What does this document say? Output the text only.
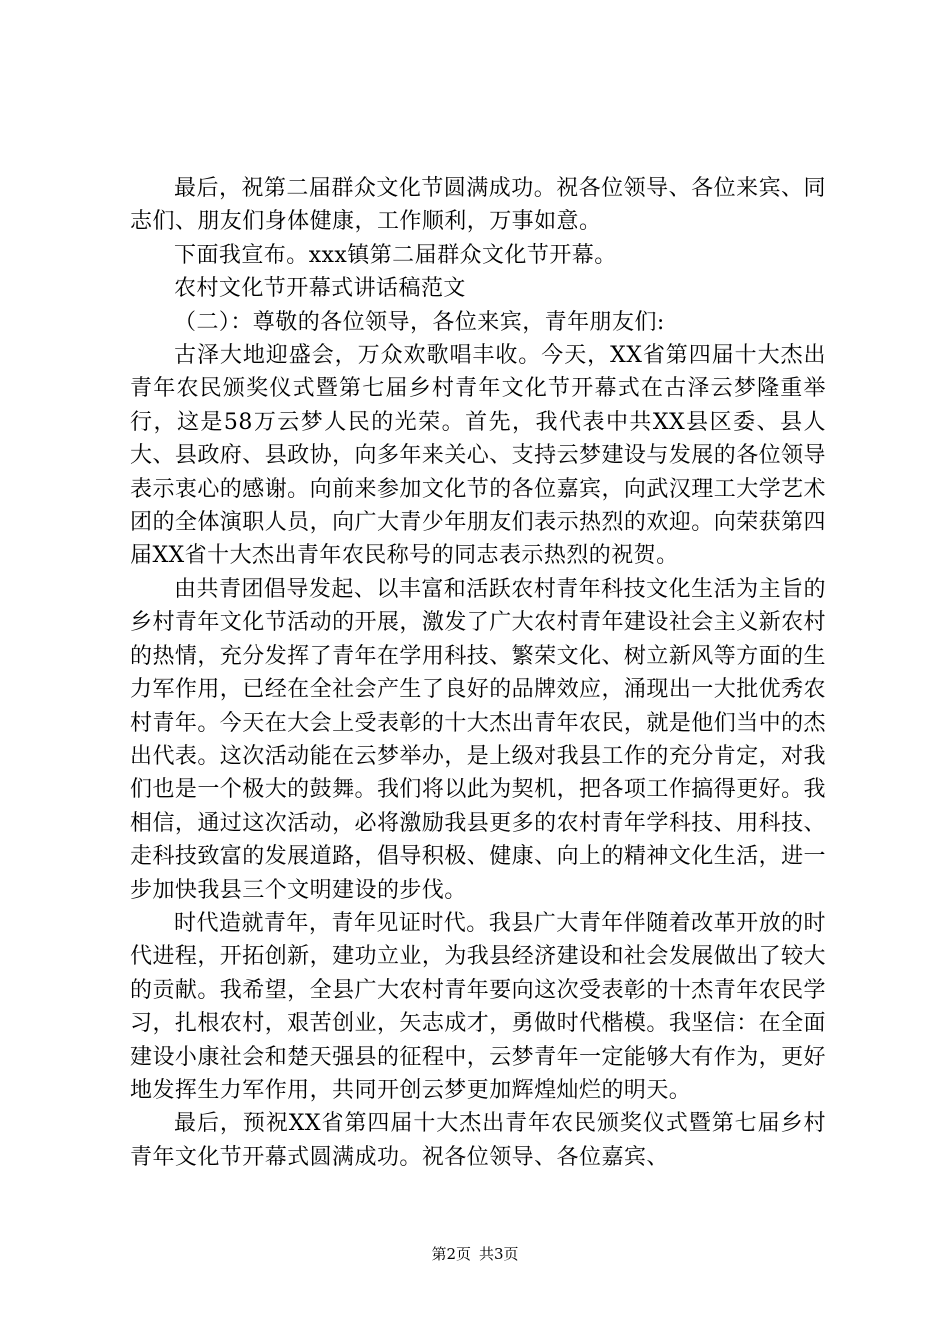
最后，祝第二届群众文化节圆满成功。祝各位领导、各位来宾、同志们、朋友们身体健康，工作顺利，万事如意。

下面我宣布。xxx镇第二届群众文化节开幕。

农村文化节开幕式讲话稿范文

（二）：尊敬的各位领导，各位来宾，青年朋友们:

古泽大地迎盛会，万众欢歌唱丰收。今天，XX省第四届十大杰出青年农民颁奖仪式暨第七届乡村青年文化节开幕式在古泽云梦隆重举行，这是58万云梦人民的光荣。首先，我代表中共XX县区委、县人大、县政府、县政协，向多年来关心、支持云梦建设与发展的各位领导表示衷心的感谢。向前来参加文化节的各位嘉宾，向武汉理工大学艺术团的全体演职人员，向广大青少年朋友们表示热烈的欢迎。向荣获第四届XX省十大杰出青年农民称号的同志表示热烈的祝贺。

由共青团倡导发起、以丰富和活跃农村青年科技文化生活为主旨的乡村青年文化节活动的开展，激发了广大农村青年建设社会主义新农村的热情，充分发挥了青年在学用科技、繁荣文化、树立新风等方面的生力军作用，已经在全社会产生了良好的品牌效应，涌现出一大批优秀农村青年。今天在大会上受表彰的十大杰出青年农民，就是他们当中的杰出代表。这次活动能在云梦举办，是上级对我县工作的充分肯定，对我们也是一个极大的鼓舞。我们将以此为契机，把各项工作搞得更好。我相信，通过这次活动，必将激励我县更多的农村青年学科技、用科技、走科技致富的发展道路，倡导积极、健康、向上的精神文化生活，进一步加快我县三个文明建设的步伐。

时代造就青年，青年见证时代。我县广大青年伴随着改革开放的时代进程，开拓创新，建功立业，为我县经济建设和社会发展做出了较大的贡献。我希望，全县广大农村青年要向这次受表彰的十杰青年农民学习，扎根农村，艰苦创业，矢志成才，勇做时代楷模。我坚信：在全面建设小康社会和楚天强县的征程中，云梦青年一定能够大有作为，更好地发挥生力军作用，共同开创云梦更加辉煌灿烂的明天。

最后，预祝XX省第四届十大杰出青年农民颁奖仪式暨第七届乡村青年文化节开幕式圆满成功。祝各位领导、各位嘉宾、

第2页 共3页
